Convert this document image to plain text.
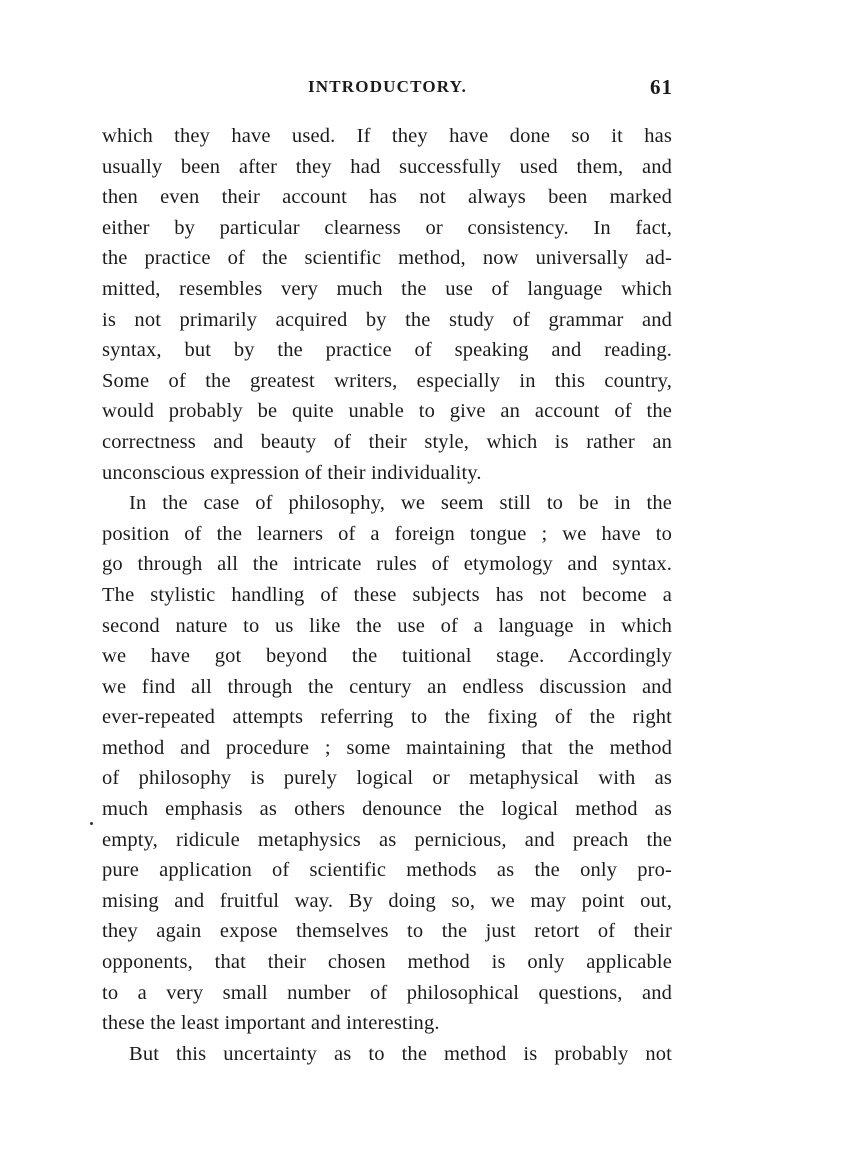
INTRODUCTORY.	61
which they have used. If they have done so it has
usually been after they had successfully used them, and
then even their account has not always been marked
either by particular clearness or consistency. In fact,
the practice of the scientific method, now universally ad-
mitted, resembles very much the use of language which
is not primarily acquired by the study of grammar and
syntax, but by the practice of speaking and reading.
Some of the greatest writers, especially in this country,
would probably be quite unable to give an account of the
correctness and beauty of their style, which is rather an
unconscious expression of their individuality.
In the case of philosophy, we seem still to be in the
position of the learners of a foreign tongue ; we have to
go through all the intricate rules of etymology and syntax.
The stylistic handling of these subjects has not become a
second nature to us like the use of a language in which
we have got beyond the tuitional stage. Accordingly
we find all through the century an endless discussion and
ever-repeated attempts referring to the fixing of the right
method and procedure ; some maintaining that the method
of philosophy is purely logical or metaphysical with as
much emphasis as others denounce the logical method as
empty, ridicule metaphysics as pernicious, and preach the
pure application of scientific methods as the only pro-
mising and fruitful way. By doing so, we may point out,
they again expose themselves to the just retort of their
opponents, that their chosen method is only applicable
to a very small number of philosophical questions, and
these the least important and interesting.
But this uncertainty as to the method is probably not
